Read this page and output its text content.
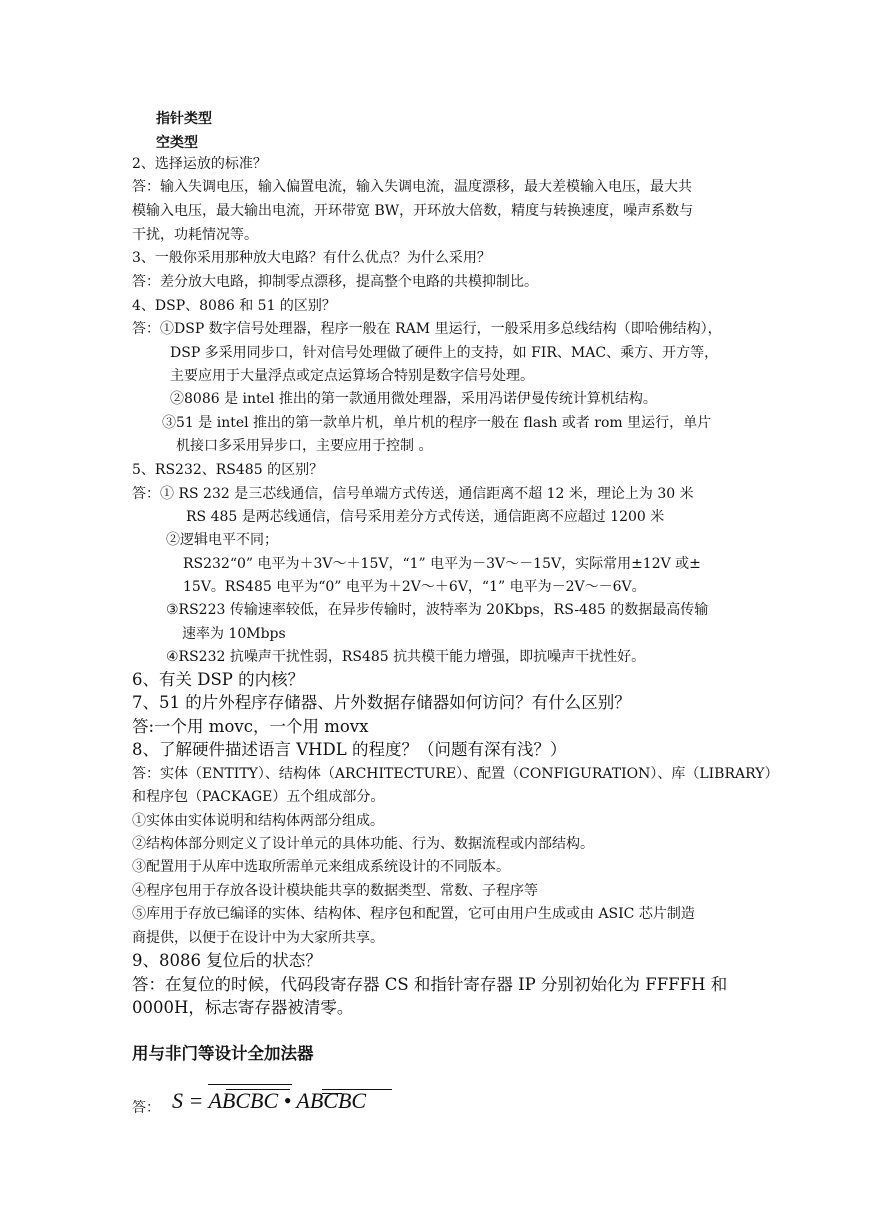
指针类型
空类型
2、选择运放的标准？
答：输入失调电压，输入偏置电流，输入失调电流，温度漂移，最大差模输入电压，最大共
模输入电压，最大输出电流，开环带宽 BW，开环放大倍数，精度与转换速度，噪声系数与
干扰，功耗情况等。
3、一般你采用那种放大电路？有什么优点？为什么采用？
答：差分放大电路，抑制零点漂移，提高整个电路的共模抑制比。
4、DSP、8086 和 51 的区别？
答：①DSP 数字信号处理器，程序一般在 RAM 里运行，一般采用多总线结构（即哈佛结构），
DSP 多采用同步口，针对信号处理做了硬件上的支持，如 FIR、MAC、乘方、开方等，
主要应用于大量浮点或定点运算场合特别是数字信号处理。
②8086 是 intel 推出的第一款通用微处理器，采用冯诺伊曼传统计算机结构。
③51 是 intel 推出的第一款单片机，单片机的程序一般在 flash 或者 rom 里运行，单片
机接口多采用异步口，主要应用于控制 。
5、RS232、RS485 的区别？
答：① RS 232 是三芯线通信，信号单端方式传送，通信距离不超 12 米，理论上为 30 米
RS 485 是两芯线通信，信号采用差分方式传送，通信距离不应超过 1200 米
②逻辑电平不同；
RS232“0” 电平为＋3V～＋15V，“1” 电平为－3V～－15V，实际常用±12V 或±
15V。RS485 电平为“0” 电平为＋2V～＋6V，“1” 电平为－2V～－6V。
③RS223 传输速率较低，在异步传输时，波特率为 20Kbps，RS-485 的数据最高传输
速率为 10Mbps
④RS232 抗噪声干扰性弱，RS485 抗共模干能力增强，即抗噪声干扰性好。
6、有关 DSP 的内核？
7、51 的片外程序存储器、片外数据存储器如何访问？有什么区别？
答:一个用 movc，一个用 movx
8、了解硬件描述语言 VHDL 的程度？（问题有深有浅？）
答：实体（ENTITY）、结构体（ARCHITECTURE）、配置（CONFIGURATION）、库（LIBRARY）
和程序包（PACKAGE）五个组成部分。
①实体由实体说明和结构体两部分组成。
②结构体部分则定义了设计单元的具体功能、行为、数据流程或内部结构。
③配置用于从库中选取所需单元来组成系统设计的不同版本。
④程序包用于存放各设计模块能共享的数据类型、常数、子程序等
⑤库用于存放已编译的实体、结构体、程序包和配置，它可由用户生成或由 ASIC 芯片制造
商提供，以便于在设计中为大家所共享。
9、8086 复位后的状态？
答：在复位的时候，代码段寄存器 CS 和指针寄存器 IP 分别初始化为 FFFFH 和
0000H，标志寄存器被清零。
用与非门等设计全加法器
答： S = ABCBC • ABCBC
